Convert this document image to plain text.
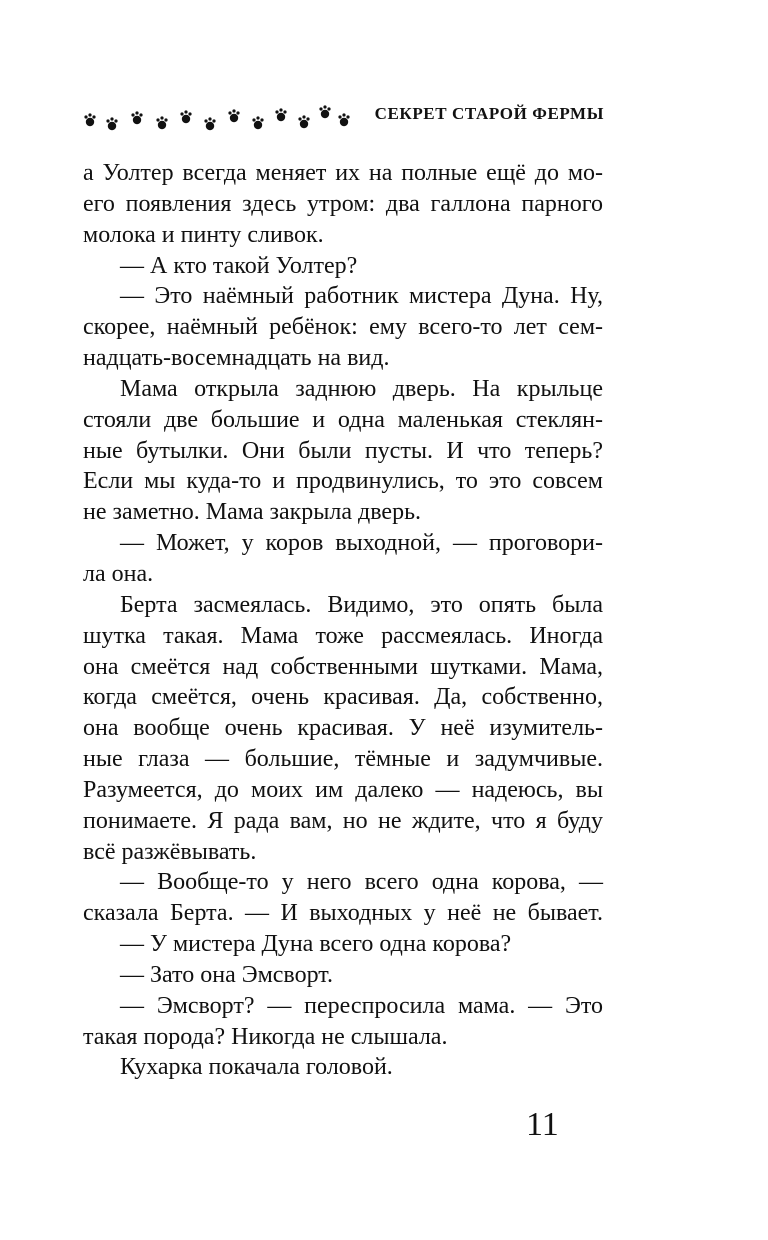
СЕКРЕТ СТАРОЙ ФЕРМЫ
а Уолтер всегда меняет их на полные ещё до мо-
его появления здесь утром: два галлона парного
молока и пинту сливок.
— А кто такой Уолтер?
— Это наёмный работник мистера Дуна. Ну,
скорее, наёмный ребёнок: ему всего-то лет сем-
надцать-восемнадцать на вид.
Мама открыла заднюю дверь. На крыльце
стояли две большие и одна маленькая стеклян-
ные бутылки. Они были пусты. И что теперь?
Если мы куда-то и продвинулись, то это совсем
не заметно. Мама закрыла дверь.
— Может, у коров выходной, — проговори-
ла она.
Берта засмеялась. Видимо, это опять была
шутка такая. Мама тоже рассмеялась. Иногда
она смеётся над собственными шутками. Мама,
когда смеётся, очень красивая. Да, собственно,
она вообще очень красивая. У неё изумитель-
ные глаза — большие, тёмные и задумчивые.
Разумеется, до моих им далеко — надеюсь, вы
понимаете. Я рада вам, но не ждите, что я буду
всё разжёвывать.
— Вообще-то у него всего одна корова, —
сказала Берта. — И выходных у неё не бывает.
— У мистера Дуна всего одна корова?
— Зато она Эмсворт.
— Эмсворт? — переспросила мама. — Это
такая порода? Никогда не слышала.
Кухарка покачала головой.
11
